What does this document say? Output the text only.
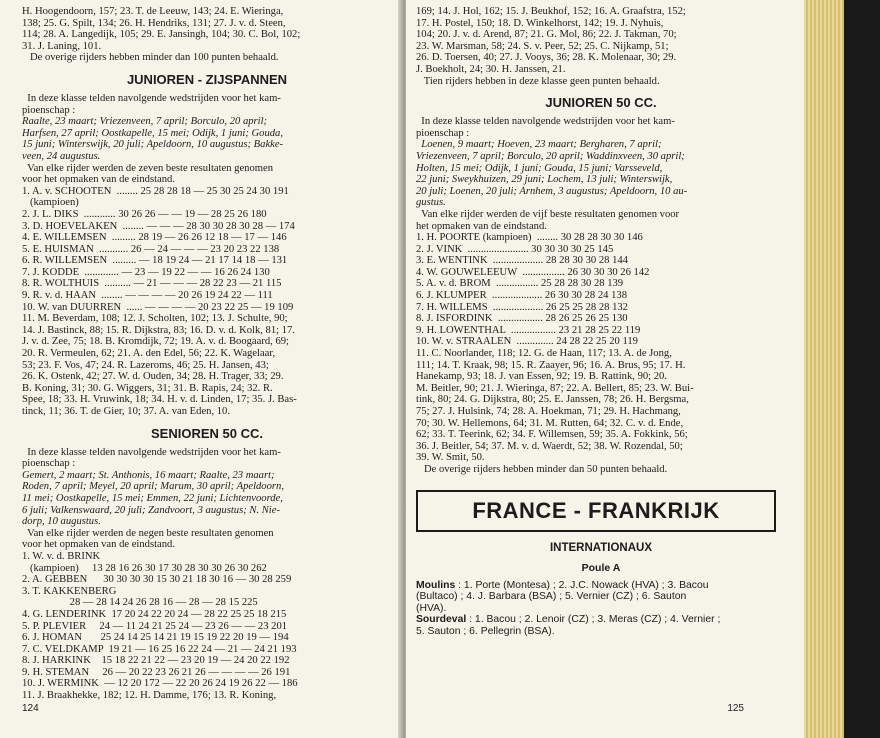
H. Hoogendoorn, 157; 23. T. de Leeuw, 143; 24. E. Wieringa,

138; 25. G. Spilt, 134; 26. H. Hendriks, 131; 27. J. v. d. Steen,

114; 28. A. Langedijk, 105; 29. E. Jansingh, 104; 30. C. Bol, 102;

31. J. Laning, 101.

De overige rijders hebben minder dan 100 punten behaald.

JUNIOREN - ZIJSPANNEN

In deze klasse telden navolgende wedstrijden voor het kam-
pioenschap :

Raalte, 23 maart; Vriezenveen, 7 april; Borculo, 20 april;
Harfsen, 27 april; Oostkapelle, 15 mei; Odijk, 1 juni; Gouda,
15 juni; Winterswijk, 20 juli; Apeldoorn, 10 augustus; Bakke-
veen, 24 augustus.

Van elke rijder werden de zeven beste resultaten genomen
voor het opmaken van de eindstand.

1. A. v. SCHOOTEN  ........ 25 28 28 18 — 25 30 25 24 30 191

(kampioen)

2. J. L. DIKS  ............ 30 26 26 — — 19 — 28 25 26 180

3. D. HOEVELAKEN  ........ — — — 28 30 30 28 30 28 — 174

4. E. WILLEMSEN  ......... 28 19 — 26 26 12 18 — 17 — 146

5. E. HUISMAN  ........... 26 — 24 — — — 23 20 23 22 138

6. R. WILLEMSEN  ......... — 18 19 24 — 21 17 14 18 — 131

7. J. KODDE  ............. — 23 — 19 22 — — 16 26 24 130

8. R. WOLTHUIS  .......... — 21 — — — 28 22 23 — 21 115

9. R. v. d. HAAN  ........ — — — — 20 26 19 24 22 — 111

10. W. van DUURREN  ...... — — — — 20 23 22 25 — 19 109

11. M. Beverdam, 108; 12. J. Scholten, 102; 13. J. Schulte, 90;
14. J. Bastinck, 88; 15. R. Dijkstra, 83; 16. D. v. d. Kolk, 81; 17.
J. v. d. Zee, 75; 18. B. Kromdijk, 72; 19. A. v. d. Boogaard, 69;
20. R. Vermeulen, 62; 21. A. den Edel, 56; 22. K. Wagelaar,
53; 23. F. Vos, 47; 24. R. Lazeroms, 46; 25. H. Jansen, 43;
26. K. Ostenk, 42; 27. W. d. Ouden, 34; 28. H. Trager, 33; 29.
B. Koning, 31; 30. G. Wiggers, 31; 31. B. Rapis, 24; 32. R.
Spee, 18; 33. H. Vruwink, 18; 34. H. v. d. Linden, 17; 35. J. Bas-
tinck, 11; 36. T. de Gier, 10; 37. A. van Eden, 10.

SENIOREN 50 CC.

In deze klasse telden navolgende wedstrijden voor het kam-
pioenschap :

Gemert, 2 maart; St. Anthonis, 16 maart; Raalte, 23 maart;
Roden, 7 april; Meyel, 20 april; Marum, 30 april; Apeldoorn,
11 mei; Oostkapelle, 15 mei; Emmen, 22 juni; Lichtenvoorde,
6 juli; Valkenswaard, 20 juli; Zandvoort, 3 augustus; N. Nie-
dorp, 10 augustus.

Van elke rijder werden de negen beste resultaten genomen
voor het opmaken van de eindstand.

1. W. v. d. BRINK

(kampioen)     13 28 16 26 30 17 30 28 30 30 26 30 262

2. A. GEBBEN      30 30 30 30 15 30 21 18 30 16 — 30 28 259

3. T. KAKKENBERG

28 — 28 14 24 26 28 16 — 28 — 28 15 225

4. G. LENDERINK  17 20 24 22 20 24 — 28 22 25 25 18 215

5. P. PLEVIER     24 — 11 24 21 25 24 — 23 26 — — 23 201

6. J. HOMAN       25 24 14 25 14 21 19 15 19 22 20 19 — 194

7. C. VELDKAMP  19 21 — 16 25 16 22 24 — 21 — 24 21 193

8. J. HARKINK    15 18 22 21 22 — 23 20 19 — 24 20 22 192

9. H. STEMAN     26 — 20 22 23 26 21 26 — — — — 26 191

10. J. WERMINK  — 12 20 172 — 22 20 26 24 19 26 22 — 186

11. J. Braakhekke, 182; 12. H. Damme, 176; 13. R. Koning,

124

169; 14. J. Hol, 162; 15. J. Beukhof, 152; 16. A. Graafstra, 152;
17. H. Postel, 150; 18. D. Winkelhorst, 142; 19. J. Nyhuis,
104; 20. J. v. d. Arend, 87; 21. G. Mol, 86; 22. J. Takman, 70;
23. W. Marsman, 58; 24. S. v. Peer, 52; 25. C. Nijkamp, 51;
26. D. Toersen, 40; 27. J. Vooys, 36; 28. K. Molenaar, 30; 29.
J. Boekholt, 24; 30. H. Janssen, 21.
Tien rijders hebben in deze klasse geen punten behaald.

JUNIOREN 50 CC.

In deze klasse telden navolgende wedstrijden voor het kam-
pioenschap :

Loenen, 9 maart; Hoeven, 23 maart; Bergharen, 7 april;
Vriezenveen, 7 april; Borculo, 20 april; Waddinxveen, 30 april;
Holten, 15 mei; Odijk, 1 juni; Gouda, 15 juni; Varsseveld,
22 juni; Sweykhuizen, 29 juni; Lochem, 13 juli; Winterswijk,
20 juli; Loenen, 20 juli; Arnhem, 3 augustus; Apeldoorn, 10 au-
gustus.

Van elke rijder werden de vijf beste resultaten genomen voor
het opmaken van de eindstand.

1. H. POORTE (kampioen)  ........ 30 28 28 30 30 146

2. J. VINK  ....................... 30 30 30 30 25 145

3. E. WENTINK  ................... 28 28 30 30 28 144

4. W. GOUWELEEUW  ................ 26 30 30 30 26 142

5. A. v. d. BROM  ................ 25 28 28 30 28 139

6. J. KLUMPER  ................... 26 30 30 28 24 138

7. H. WILLEMS  ................... 26 25 25 28 28 132

8. J. ISFORDINK  ................. 28 26 25 26 25 130

9. H. LOWENTHAL  ................. 23 21 28 25 22 119

10. W. v. STRAALEN  .............. 24 28 22 25 20 119

11. C. Noorlander, 118; 12. G. de Haan, 117; 13. A. de Jong,
111; 14. T. Kraak, 98; 15. R. Zaayer, 96; 16. A. Brus, 95; 17. H.
Hanekamp, 93; 18. J. van Essen, 92; 19. B. Rattink, 90; 20.
M. Beitler, 90; 21. J. Wieringa, 87; 22. A. Bellert, 85; 23. W. Bui-
tink, 80; 24. G. Dijkstra, 80; 25. E. Janssen, 78; 26. H. Bergsma,
75; 27. J. Hulsink, 74; 28. A. Hoekman, 71; 29. H. Hachmang,
70; 30. W. Hellemons, 64; 31. M. Rutten, 64; 32. C. v. d. Ende,
62; 33. T. Teerink, 62; 34. F. Willemsen, 59; 35. A. Fokkink, 56;
36. J. Beitler, 54; 37. M. v. d. Waerdt, 52; 38. W. Rozendal, 50;
39. W. Smit, 50.
De overige rijders hebben minder dan 50 punten behaald.

FRANCE - FRANKRIJK
INTERNATIONAUX
Poule A

Moulins : 1. Porte (Montesa) ; 2. J.C. Nowack (HVA) ; 3. Bacou
(Bultaco) ; 4. J. Barbara (BSA) ; 5. Vernier (CZ) ; 6. Sauton
(HVA).

Sourdeval : 1. Bacou ; 2. Lenoir (CZ) ; 3. Meras (CZ) ; 4. Vernier ;
5. Sauton ; 6. Pellegrin (BSA).

125
